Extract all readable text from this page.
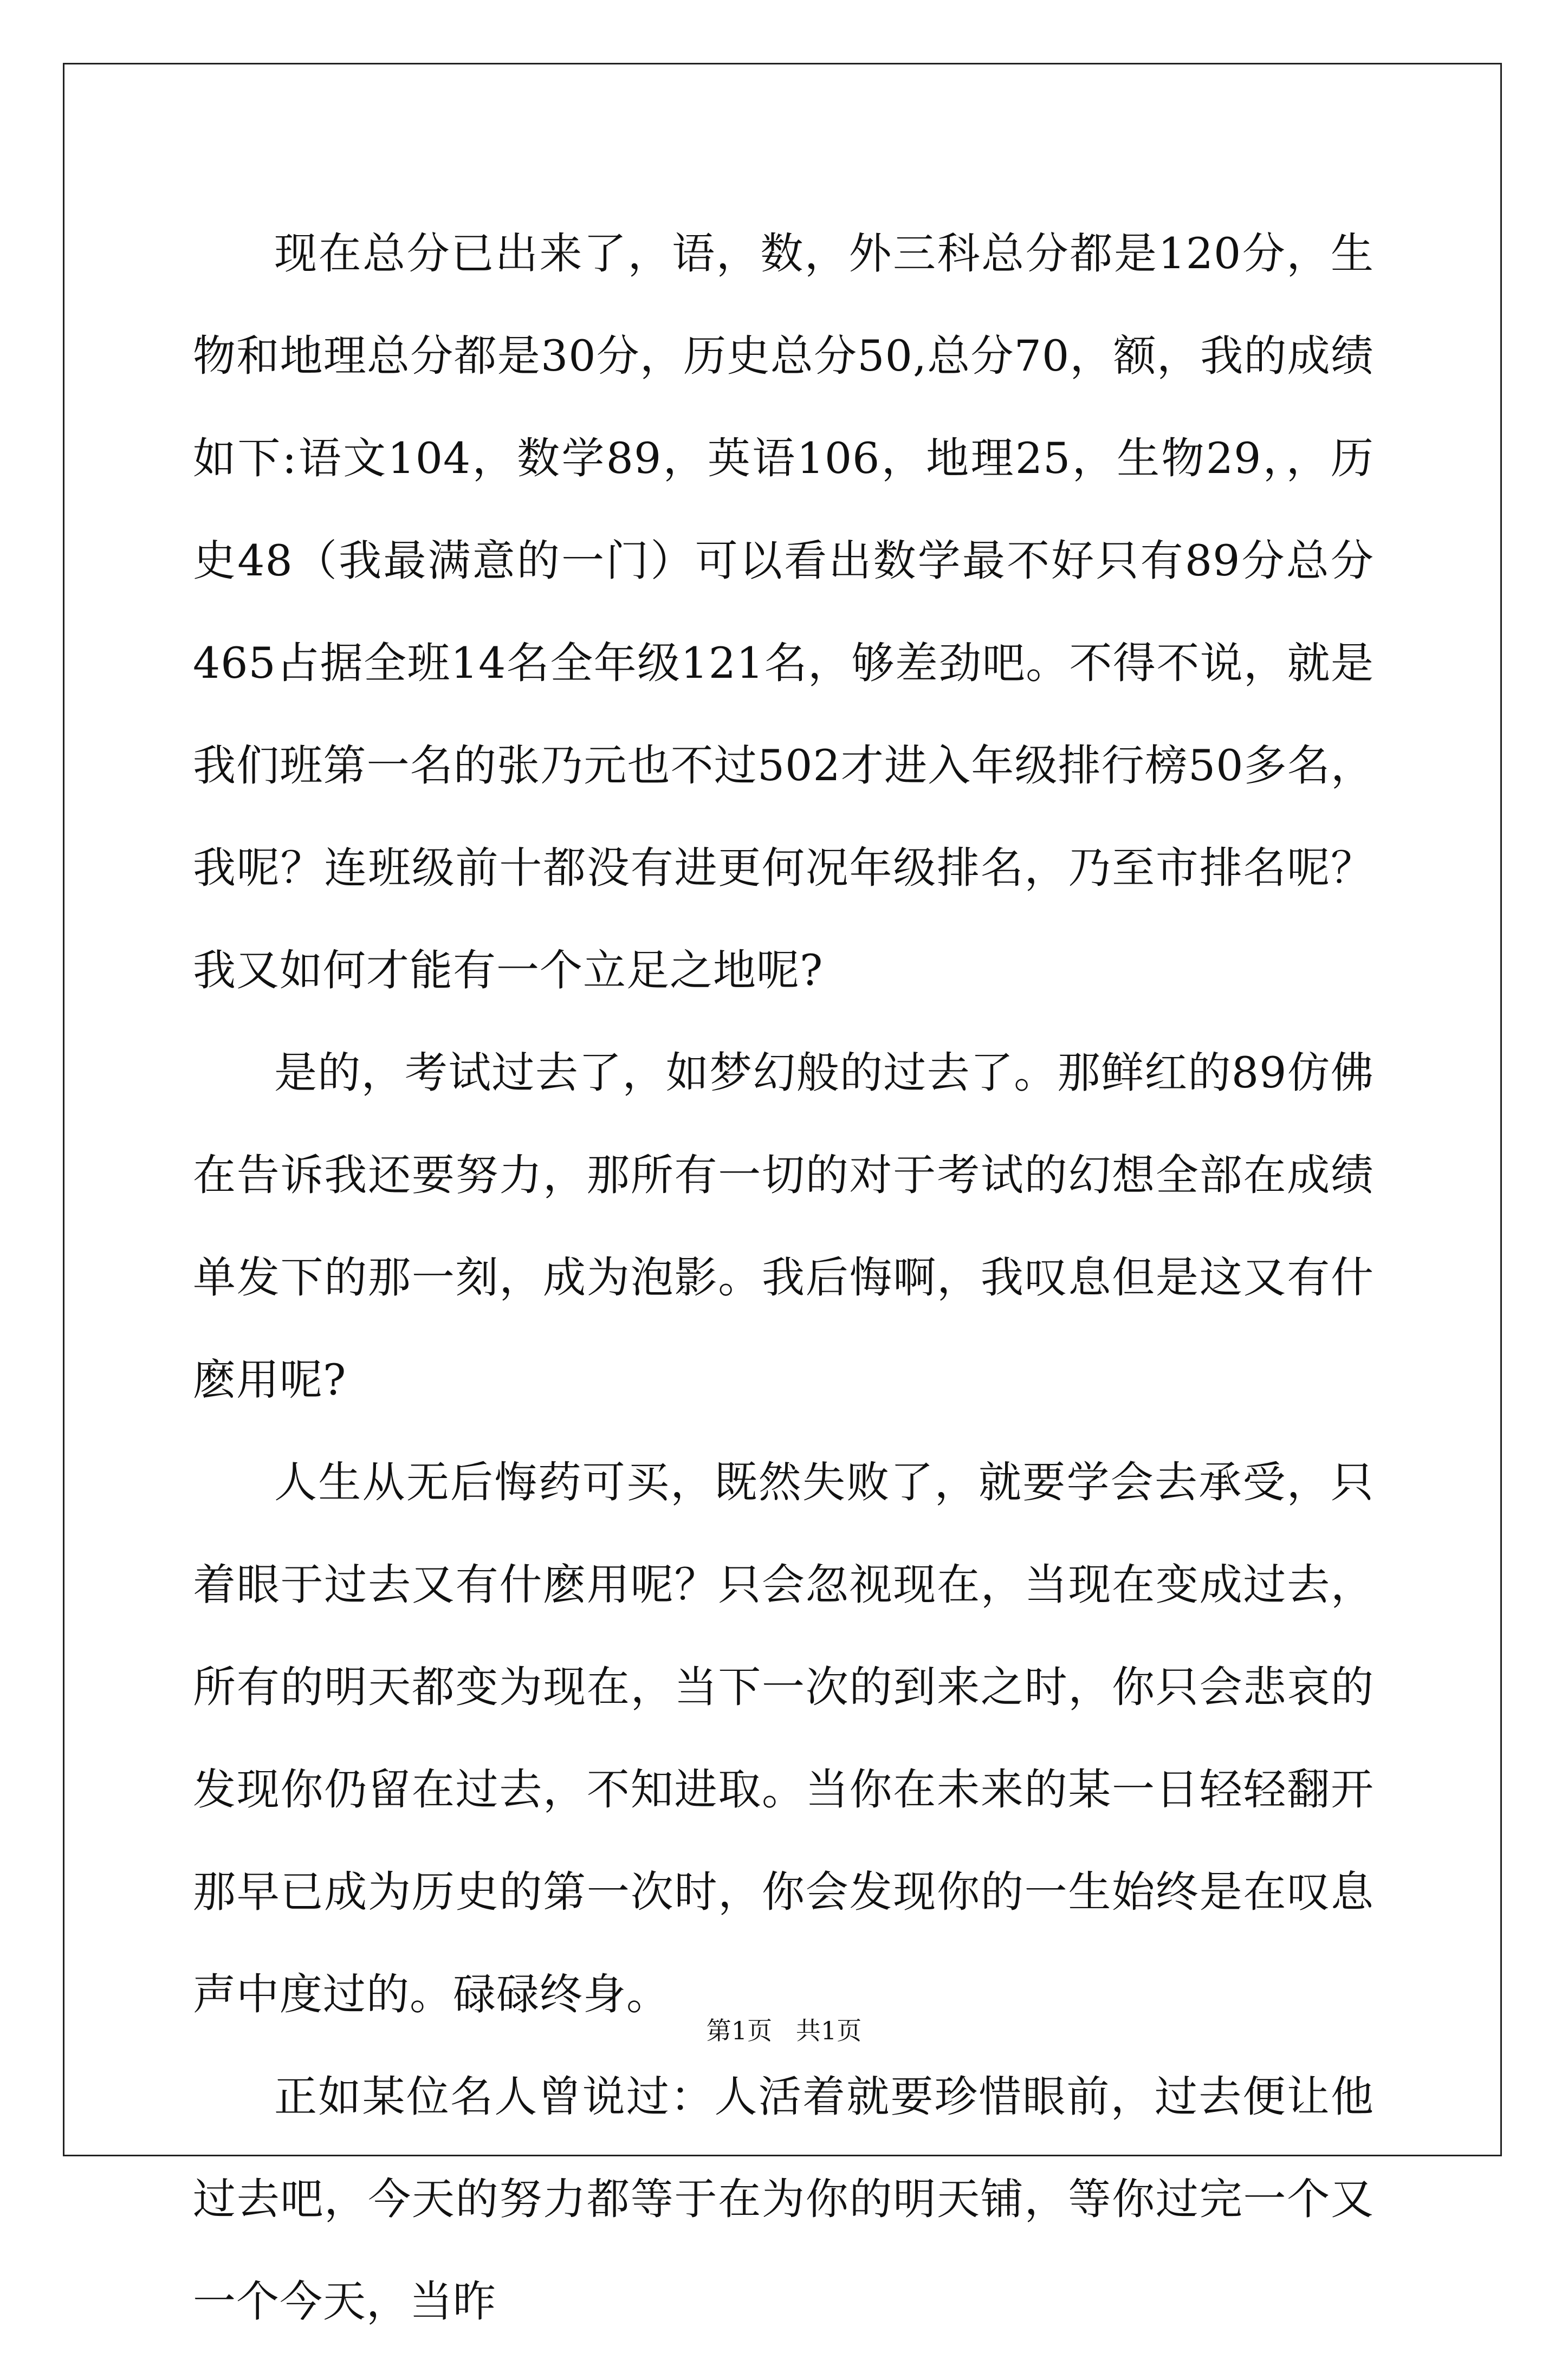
现在总分已出来了，语，数，外三科总分都是120分，生物和地理总分都是30分，历史总分50,总分70，额，我的成绩如下:语文104，数学89，英语106，地理25，生物29，，历史48（我最满意的一门）可以看出数学最不好只有89分总分465占据全班14名全年级121名，够差劲吧。不得不说，就是我们班第一名的张乃元也不过502才进入年级排行榜50多名，我呢？连班级前十都没有进更何况年级排名，乃至市排名呢？我又如何才能有一个立足之地呢?

是的，考试过去了，如梦幻般的过去了。那鲜红的89仿佛在告诉我还要努力，那所有一切的对于考试的幻想全部在成绩单发下的那一刻，成为泡影。我后悔啊，我叹息但是这又有什麽用呢?

人生从无后悔药可买，既然失败了，就要学会去承受，只着眼于过去又有什麽用呢？只会忽视现在，当现在变成过去，所有的明天都变为现在，当下一次的到来之时，你只会悲哀的发现你仍留在过去，不知进取。当你在未来的某一日轻轻翻开那早已成为历史的第一次时，你会发现你的一生始终是在叹息声中度过的。碌碌终身。

正如某位名人曾说过：人活着就要珍惜眼前，过去便让他过去吧，今天的努力都等于在为你的明天铺，等你过完一个又一个今天，当昨

第1页   共1页
